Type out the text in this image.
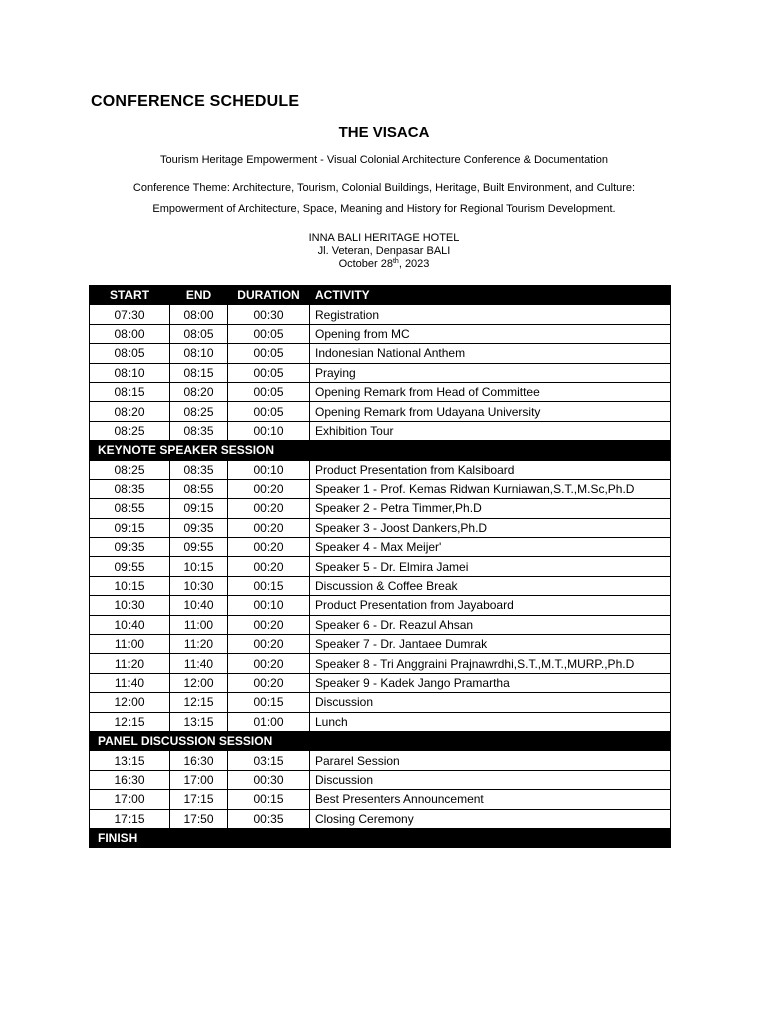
CONFERENCE SCHEDULE
THE VISACA
Tourism Heritage Empowerment - Visual Colonial Architecture Conference & Documentation
Conference Theme: Architecture, Tourism, Colonial Buildings, Heritage, Built Environment, and Culture:
Empowerment of Architecture, Space, Meaning and History for Regional Tourism Development.
INNA BALI HERITAGE HOTEL
Jl. Veteran, Denpasar BALI
October 28th, 2023
START	END	DURATION	ACTIVITY
07:30	08:00	00:30	Registration
08:00	08:05	00:05	Opening from MC
08:05	08:10	00:05	Indonesian National Anthem
08:10	08:15	00:05	Praying
08:15	08:20	00:05	Opening Remark from Head of Committee
08:20	08:25	00:05	Opening Remark from Udayana University
08:25	08:35	00:10	Exhibition Tour
KEYNOTE SPEAKER SESSION			
08:25	08:35	00:10	Product Presentation from Kalsiboard
08:35	08:55	00:20	Speaker 1 - Prof. Kemas Ridwan Kurniawan,S.T.,M.Sc,Ph.D
08:55	09:15	00:20	Speaker 2 - Petra Timmer,Ph.D
09:15	09:35	00:20	Speaker 3 - Joost Dankers,Ph.D
09:35	09:55	00:20	Speaker 4 - Max Meijer'
09:55	10:15	00:20	Speaker 5 - Dr. Elmira Jamei
10:15	10:30	00:15	Discussion & Coffee Break
10:30	10:40	00:10	Product Presentation from Jayaboard
10:40	11:00	00:20	Speaker 6 - Dr. Reazul Ahsan
11:00	11:20	00:20	Speaker 7 - Dr. Jantaee Dumrak
11:20	11:40	00:20	Speaker 8 - Tri Anggraini Prajnawrdhi,S.T.,M.T.,MURP.,Ph.D
11:40	12:00	00:20	Speaker 9 - Kadek Jango Pramartha
12:00	12:15	00:15	Discussion
12:15	13:15	01:00	Lunch
PANEL DISCUSSION SESSION			
13:15	16:30	03:15	Pararel Session
16:30	17:00	00:30	Discussion
17:00	17:15	00:15	Best Presenters Announcement
17:15	17:50	00:35	Closing Ceremony
FINISH			
